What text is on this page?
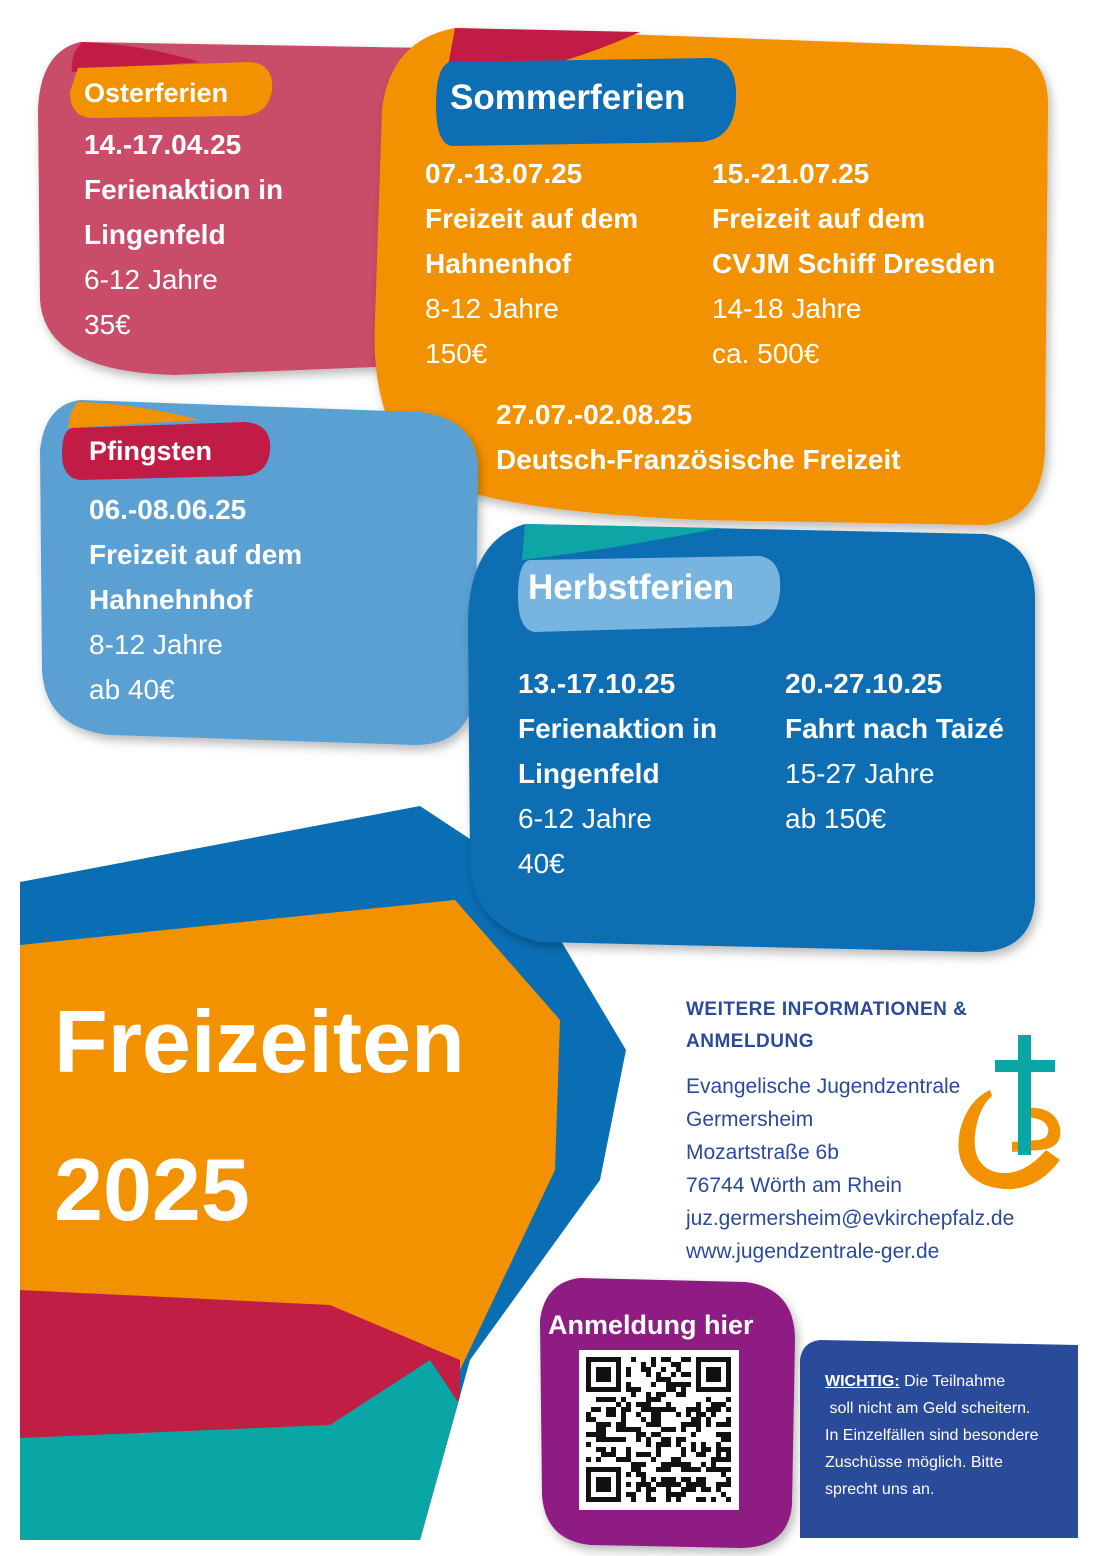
Osterferien
14.-17.04.25
Ferienaktion in
Lingenfeld
6-12 Jahre
35€
Sommerferien
07.-13.07.25
Freizeit auf dem
Hahnenhof
8-12 Jahre
150€
15.-21.07.25
Freizeit auf dem
CVJM Schiff Dresden
14-18 Jahre
ca. 500€
27.07.-02.08.25
Deutsch-Französische Freizeit
Pfingsten
06.-08.06.25
Freizeit auf dem
Hahnehnhof
8-12 Jahre
ab 40€
Herbstferien
13.-17.10.25
Ferienaktion in
Lingenfeld
6-12 Jahre
40€
20.-27.10.25
Fahrt nach Taizé
15-27 Jahre
ab 150€
Freizeiten
2025
WEITERE INFORMATIONEN &
ANMELDUNG
Evangelische Jugendzentrale
Germersheim
Mozartstraße 6b
76744 Wörth am Rhein
juz.germersheim@evkirchepfalz.de
www.jugendzentrale-ger.de
Anmeldung hier
WICHTIG: Die Teilnahme
soll nicht am Geld scheitern.
In Einzelfällen sind besondere
Zuschüsse möglich. Bitte
sprecht uns an.
